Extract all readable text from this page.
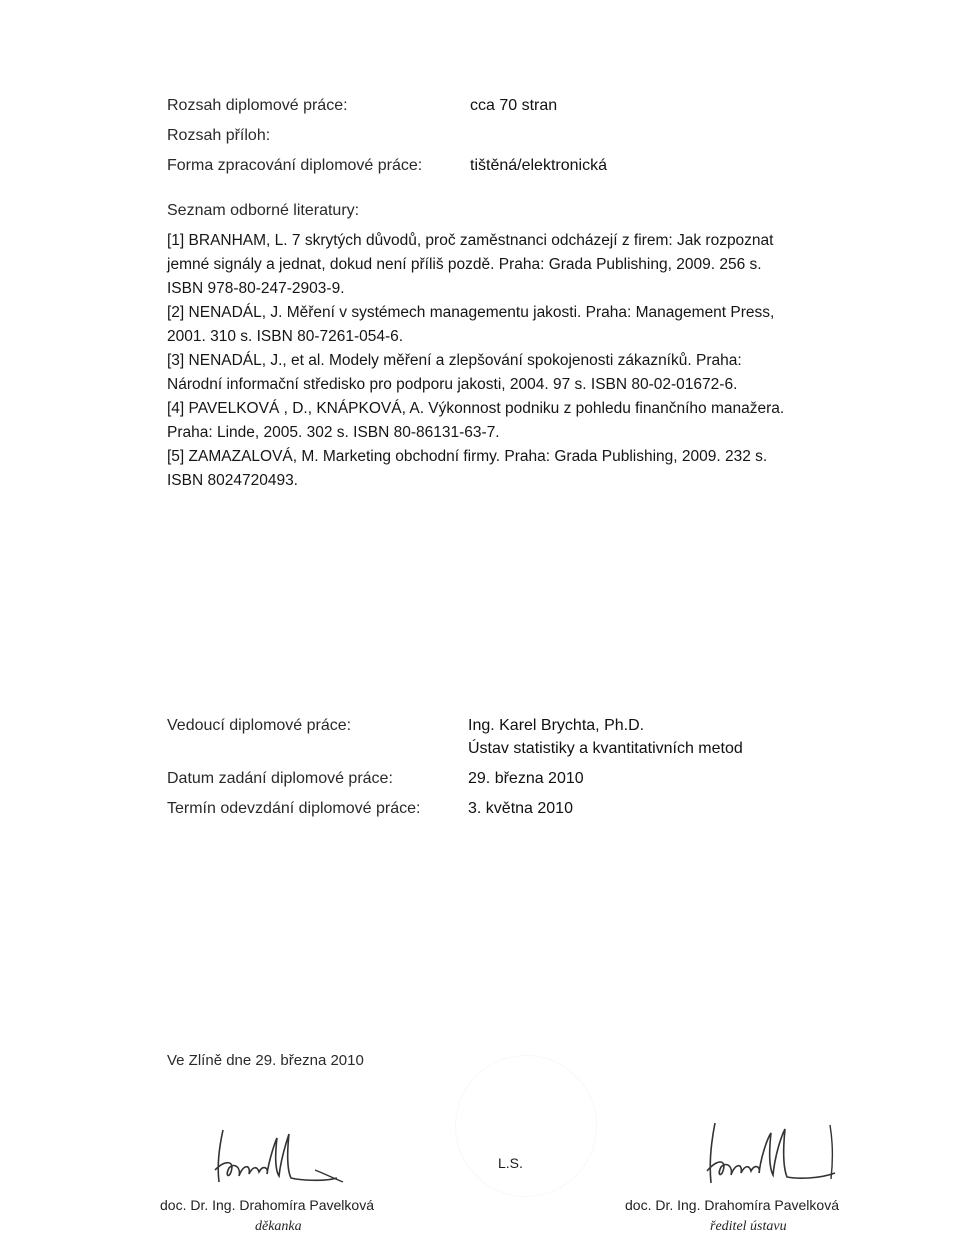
Rozsah diplomové práce:	cca 70 stran
Rozsah příloh:
Forma zpracování diplomové práce:	tištěná/elektronická
Seznam odborné literatury:
[1] BRANHAM, L. 7 skrytých důvodů, proč zaměstnanci odcházejí z firem: Jak rozpoznat
jemné signály a jednat, dokud není příliš pozdě. Praha: Grada Publishing, 2009. 256 s.
ISBN 978-80-247-2903-9.
[2] NENADÁL, J. Měření v systémech managementu jakosti. Praha: Management Press,
2001. 310 s. ISBN 80-7261-054-6.
[3] NENADÁL, J., et al. Modely měření a zlepšování spokojenosti zákazníků. Praha:
Národní informační středisko pro podporu jakosti, 2004. 97 s. ISBN 80-02-01672-6.
[4] PAVELKOVÁ , D., KNÁPKOVÁ, A. Výkonnost podniku z pohledu finančního manažera.
Praha: Linde, 2005. 302 s. ISBN 80-86131-63-7.
[5] ZAMAZALOVÁ, M. Marketing obchodní firmy. Praha: Grada Publishing, 2009. 232 s.
ISBN 8024720493.
Vedoucí diplomové práce:	Ing. Karel Brychta, Ph.D.
Ústav statistiky a kvantitativních metod
Datum zadání diplomové práce:	29. března 2010
Termín odevzdání diplomové práce:	3. května 2010
Ve Zlíně dne 29. března 2010
L.S.
doc. Dr. Ing. Drahomíra Pavelková
děkanka
doc. Dr. Ing. Drahomíra Pavelková
ředitel ústavu
